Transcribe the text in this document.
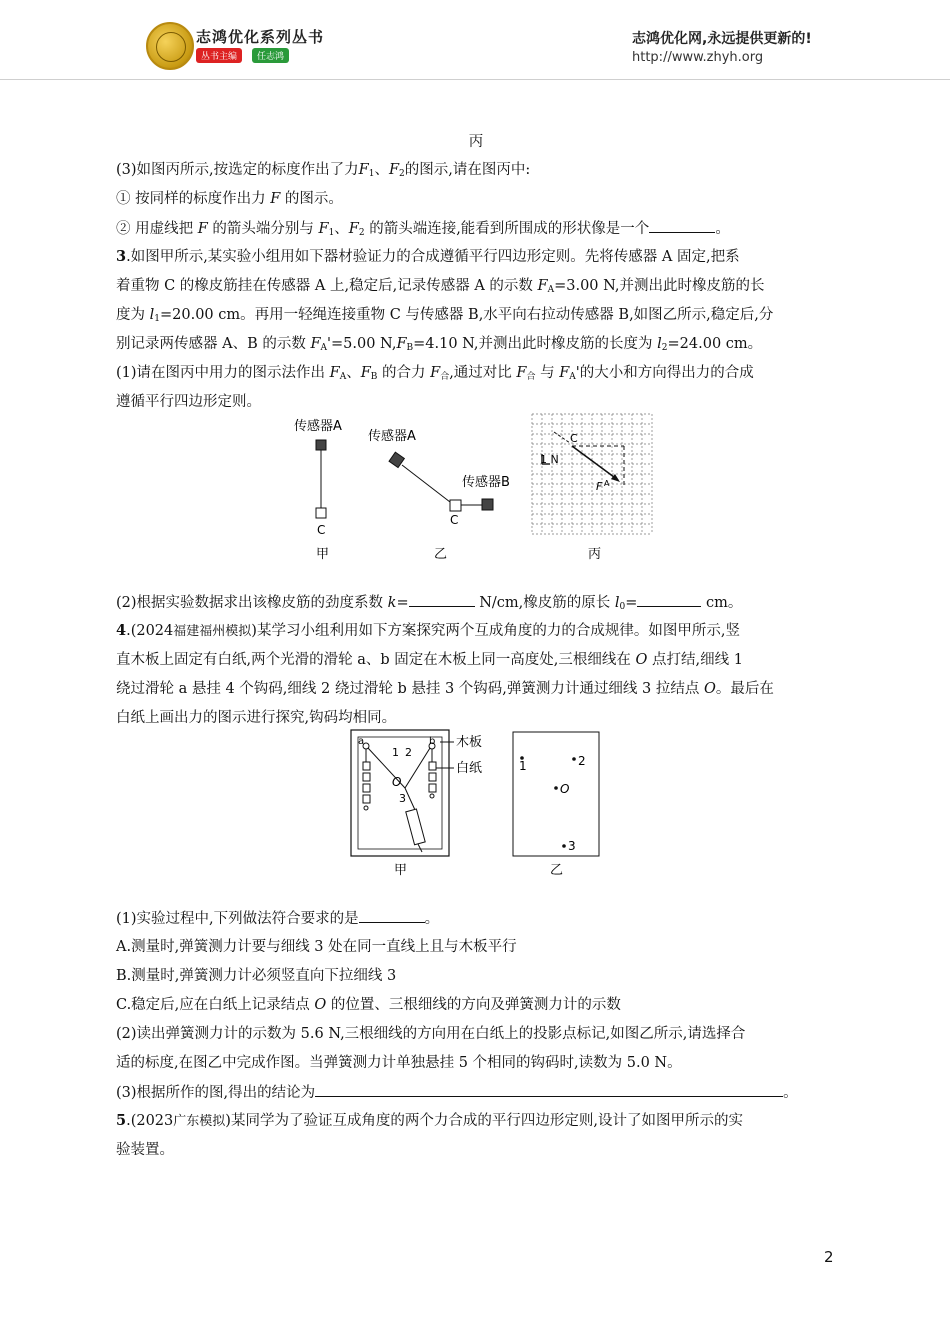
志鸿优化系列丛书
丛书主编	任志鸿
志鸿优化网,永远提供更新的!
http://www.zhyh.org
丙
(3)如图丙所示,按选定的标度作出了力$F_1$、$F_2$的图示,请在图丙中:
① 按同样的标度作出力 F 的图示。
② 用虚线把 F 的箭头端分别与 $F_1$、$F_2$ 的箭头端连接,能看到所围成的形状像是一个	。
3.如图甲所示,某实验小组用如下器材验证力的合成遵循平行四边形定则。先将传感器 A 固定,把系
着重物 C 的橡皮筋挂在传感器 A 上,稳定后,记录传感器 A 的示数 $F_A=3.00$ N,并测出此时橡皮筋的长
度为 $l_1=20.00$ cm。再用一轻绳连接重物 C 与传感器 B,水平向右拉动传感器 B,如图乙所示,稳定后,分
别记录两传感器 A、B 的示数 $F_A'=5.00$ $N,F_B=4.10$ N,并测出此时橡皮筋的长度为 $l_2=24.00$ cm。
(1)请在图丙中用力的图示法作出 $F_A$、$F_B$ 的合力 $F_合$,通过对比 $F_合$ 与 $F_A'$的大小和方向得出力的合成
遵循平行四边形定则。
传感器A
C
甲
传感器A
传感器B
C
乙
C
1 N
F A
丙
(2)根据实验数据求出该橡皮筋的劲度系数 k=	N/cm,橡皮筋的原长 $l_0=$	cm。
4.(2024福建福州模拟)某学习小组利用如下方案探究两个互成角度的力的合成规律。如图甲所示,竖
直木板上固定有白纸,两个光滑的滑轮 a、b 固定在木板上同一高度处,三根细线在 O 点打结,细线 1
绕过滑轮 a 悬挂 4 个钩码,细线 2 绕过滑轮 b 悬挂 3 个钩码,弹簧测力计通过细线 3 拉结点 O。最后在
白纸上画出力的图示进行探究,钩码均相同。
a	b
1 2
O
3
木板
白纸
甲
1	2
O
3
乙
(1)实验过程中,下列做法符合要求的是	。
A.测量时,弹簧测力计要与细线 3 处在同一直线上且与木板平行
B.测量时,弹簧测力计必须竖直向下拉细线 3
C.稳定后,应在白纸上记录结点 O 的位置、三根细线的方向及弹簧测力计的示数
(2)读出弹簧测力计的示数为 5.6 N,三根细线的方向用在白纸上的投影点标记,如图乙所示,请选择合
适的标度,在图乙中完成作图。当弹簧测力计单独悬挂 5 个相同的钩码时,读数为 5.0 N。
(3)根据所作的图,得出的结论为	。
5.(2023广东模拟)某同学为了验证互成角度的两个力合成的平行四边形定则,设计了如图甲所示的实
验装置。
2
